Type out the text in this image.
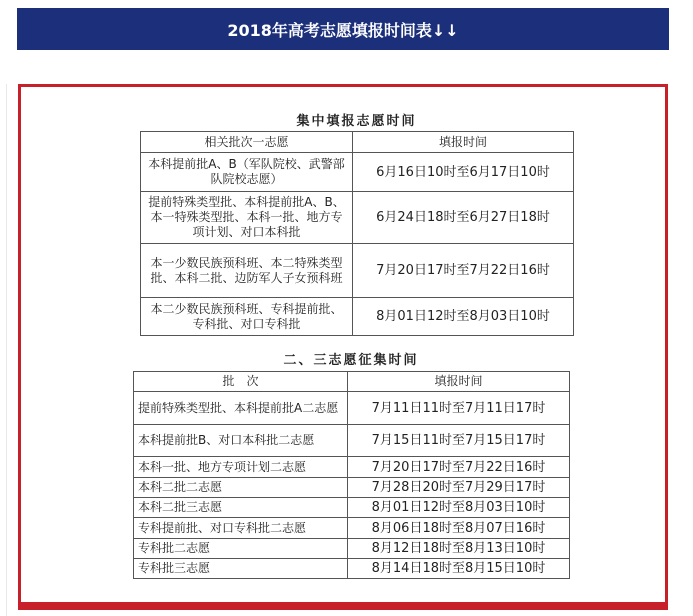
2018年高考志愿填报时间表↓↓
集中填报志愿时间
相关批次一志愿	填报时间
本科提前批A、B（军队院校、武警部队院校志愿）	6月16日10时至6月17日10时
提前特殊类型批、本科提前批A、B、本一特殊类型批、本科一批、地方专项计划、对口本科批	6月24日18时至6月27日18时
本一少数民族预科班、本二特殊类型批、本科二批、边防军人子女预科班	7月20日17时至7月22日16时
本二少数民族预科班、专科提前批、专科批、对口专科批	8月01日12时至8月03日10时
二、三志愿征集时间
批　次	填报时间
提前特殊类型批、本科提前批A二志愿	7月11日11时至7月11日17时
本科提前批B、对口本科批二志愿	7月15日11时至7月15日17时
本科一批、地方专项计划二志愿	7月20日17时至7月22日16时
本科二批二志愿	7月28日20时至7月29日17时
本科二批三志愿	8月01日12时至8月03日10时
专科提前批、对口专科批二志愿	8月06日18时至8月07日16时
专科批二志愿	8月12日18时至8月13日10时
专科批三志愿	8月14日18时至8月15日10时
